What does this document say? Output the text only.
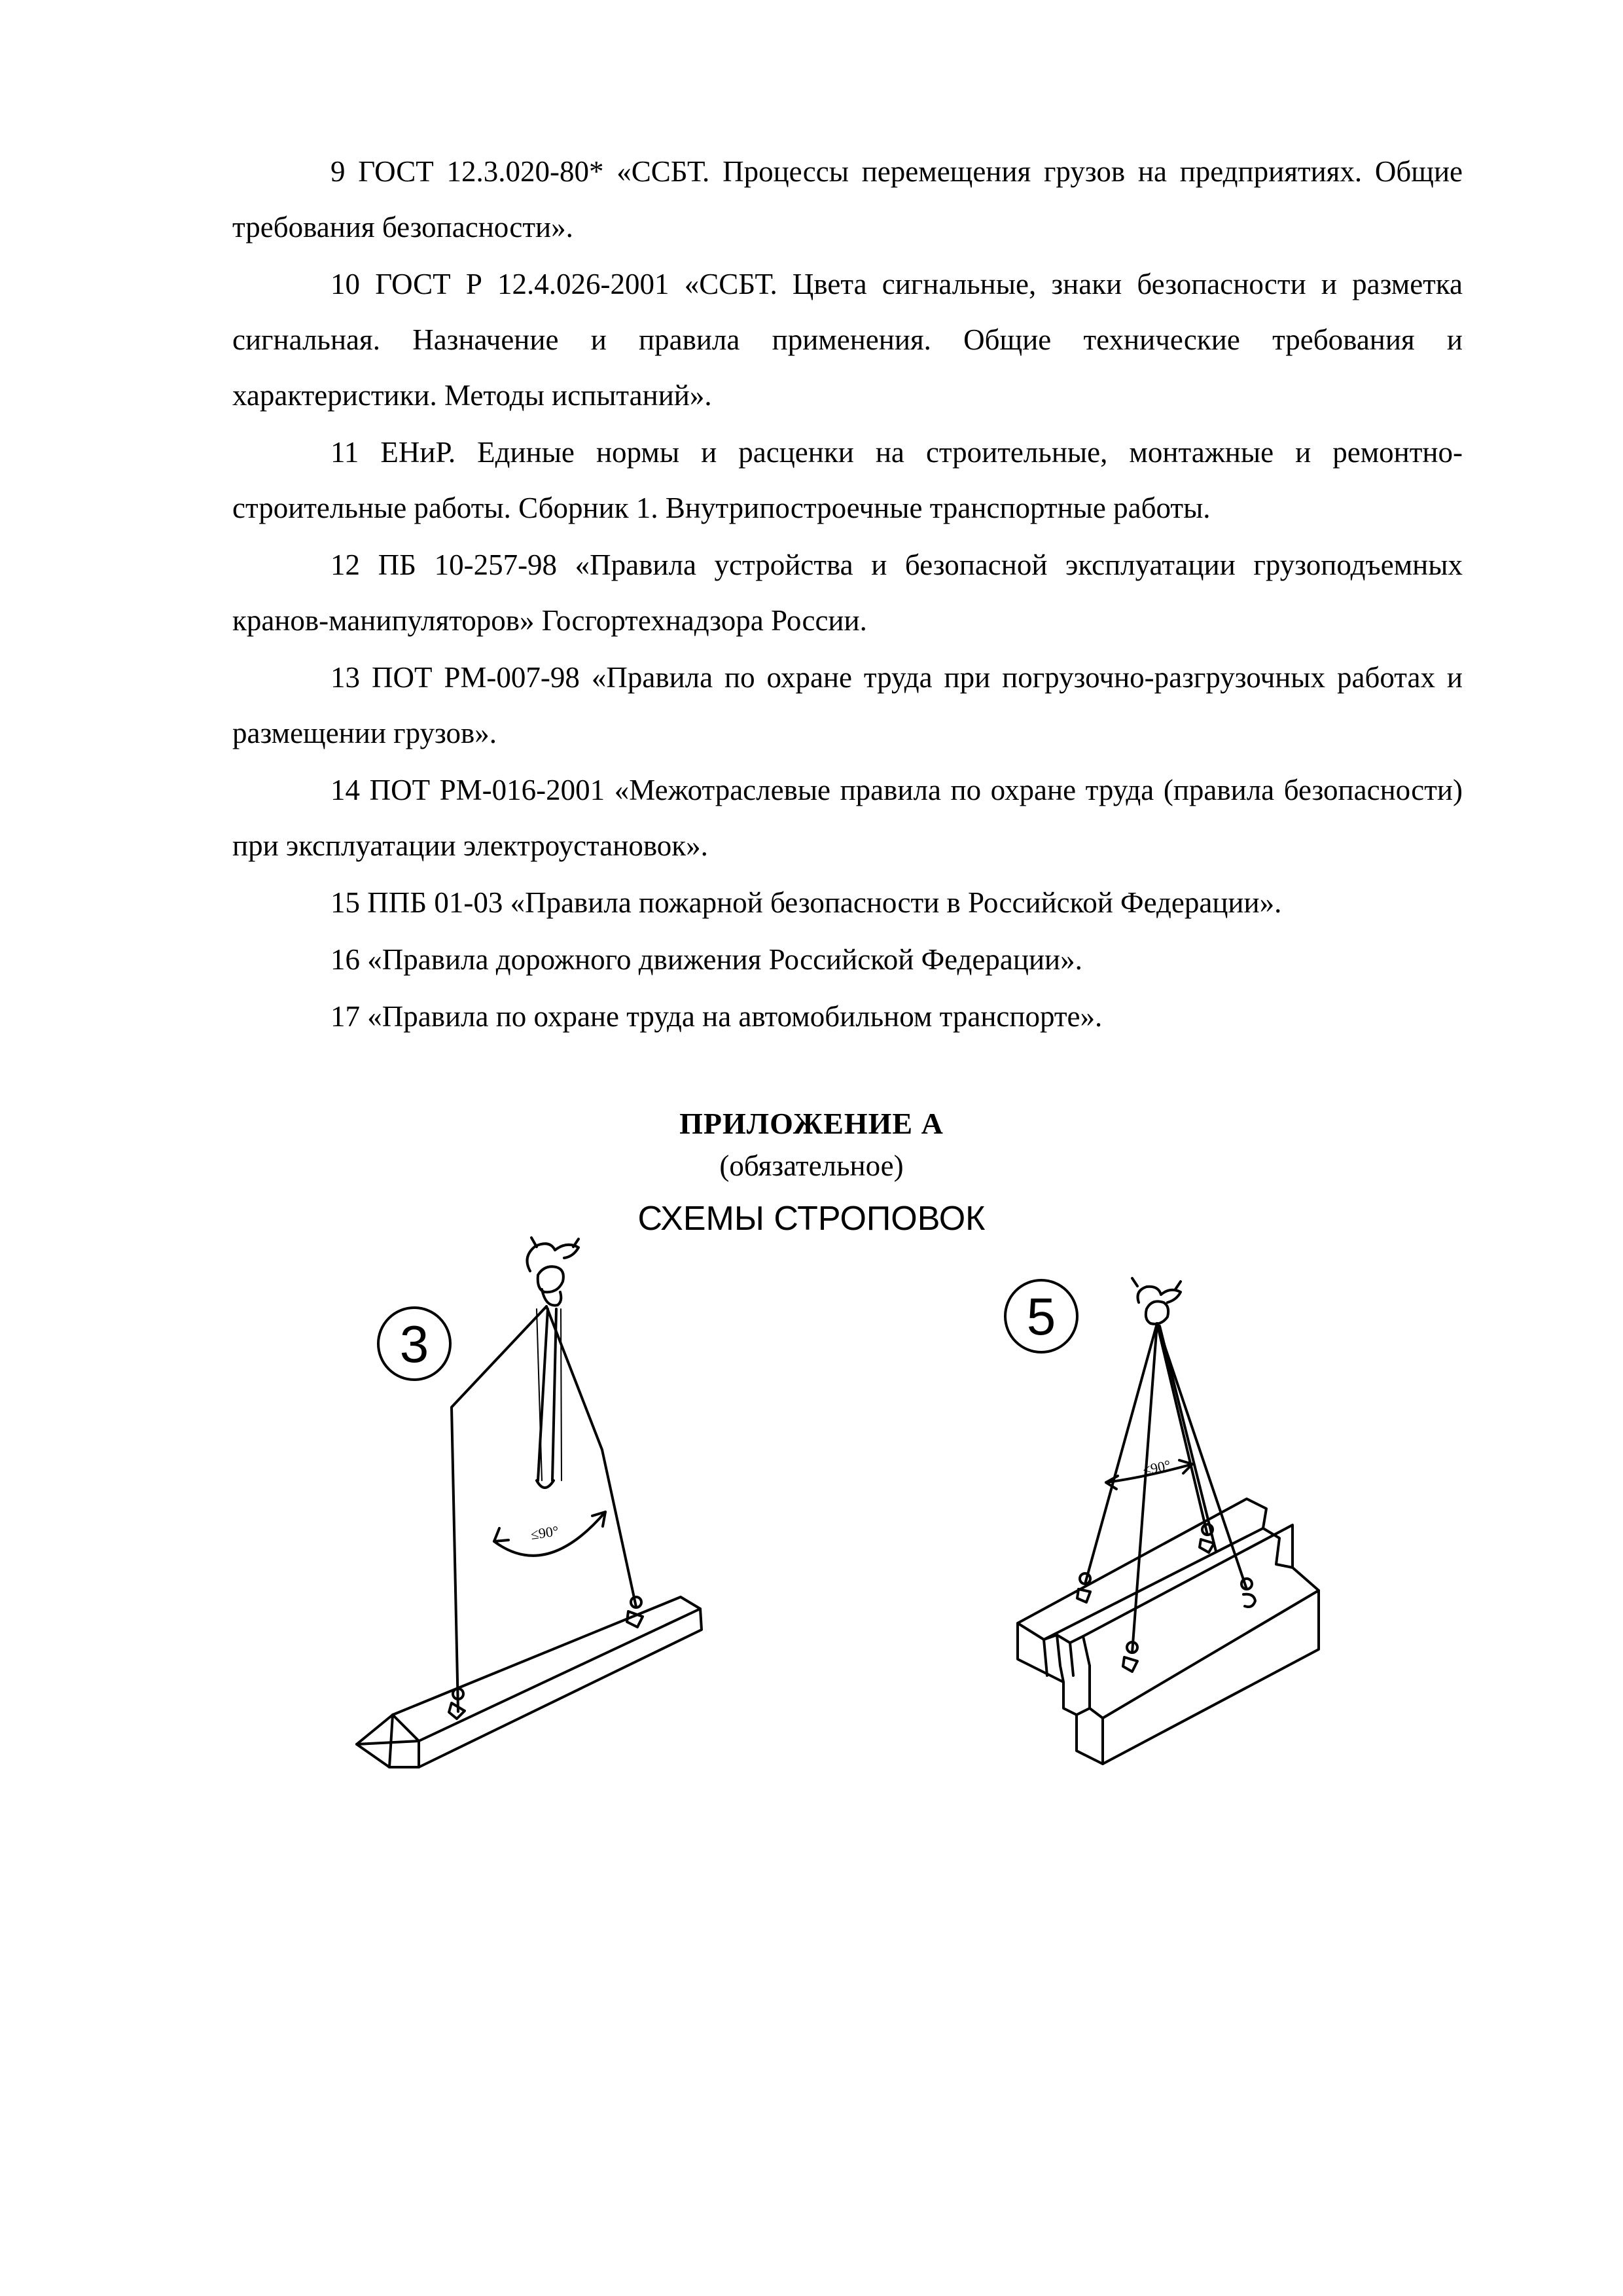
9 ГОСТ 12.3.020-80* «ССБТ. Процессы перемещения грузов на предприятиях. Общие требования безопасности».

10 ГОСТ Р 12.4.026-2001 «ССБТ. Цвета сигнальные, знаки безопасности и разметка сигнальная. Назначение и правила применения. Общие технические требования и характеристики. Методы испытаний».

11 ЕНиР. Единые нормы и расценки на строительные, монтажные и ремонтно-строительные работы. Сборник 1. Внутрипостроечные транспортные работы.

12 ПБ 10-257-98 «Правила устройства и безопасной эксплуатации грузоподъемных кранов-манипуляторов» Госгортехнадзора России.

13 ПОТ РМ-007-98 «Правила по охране труда при погрузочно-разгрузочных работах и размещении грузов».

14 ПОТ РМ-016-2001 «Межотраслевые правила по охране труда (правила безопасности) при эксплуатации электроустановок».

15 ППБ 01-03 «Правила пожарной безопасности в Российской Федерации».

16 «Правила дорожного движения Российской Федерации».

17 «Правила по охране труда на автомобильном транспорте».

ПРИЛОЖЕНИЕ А
(обязательное)
СХЕМЫ СТРОПОВОК
3
≤90°
5
≤90°
